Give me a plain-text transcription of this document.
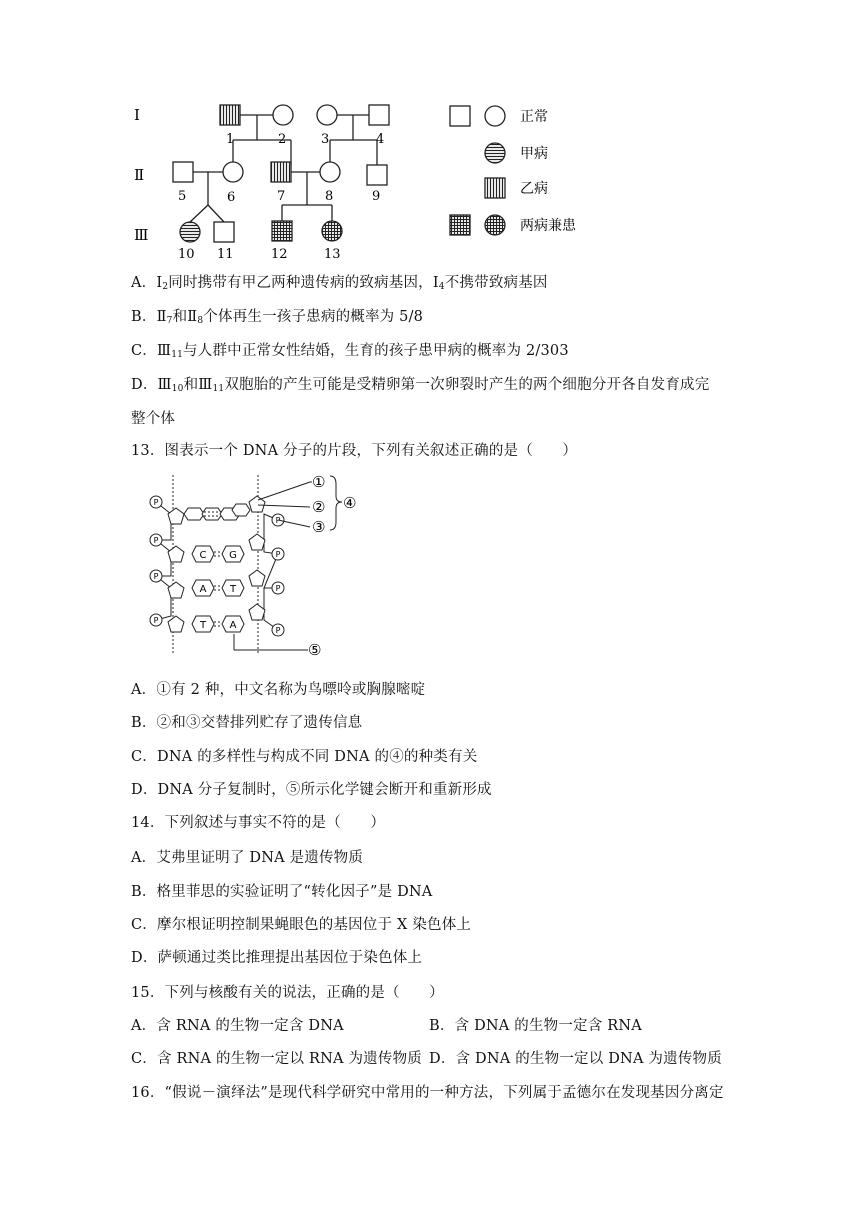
Ⅰ
Ⅱ
Ⅲ
1	2	3	4
5	6	7	8	9
10 11	12	13
正常
甲病
乙病
两病兼患
A．$Ⅰ_2$同时携带有甲乙两种遗传病的致病基因，$Ⅰ_4$不携带致病基因
B．$Ⅱ_7$和$Ⅱ_8$个体再生一孩子患病的概率为 5/8
C．$Ⅲ_{11}$与人群中正常女性结婚，生育的孩子患甲病的概率为 2/303
D．$Ⅲ_{10}$和$Ⅲ_{11}$双胞胎的产生可能是受精卵第一次卵裂时产生的两个细胞分开各自发育成完
整个体
13．图表示一个 DNA 分子的片段，下列有关叙述正确的是（　　）
P
P
P
P
P
P
P
P
C G
A T
T A
①
②
③
④
⑤
A．①有 2 种，中文名称为鸟嘌呤或胸腺嘧啶
B．②和③交替排列贮存了遗传信息
C．DNA 的多样性与构成不同 DNA 的④的种类有关
D．DNA 分子复制时，⑤所示化学键会断开和重新形成
14．下列叙述与事实不符的是（　　）
A．艾弗里证明了 DNA 是遗传物质
B．格里菲思的实验证明了“转化因子”是 DNA
C．摩尔根证明控制果蝇眼色的基因位于 X 染色体上
D．萨顿通过类比推理提出基因位于染色体上
15．下列与核酸有关的说法，正确的是（　　）
A．含 RNA 的生物一定含 DNA	B．含 DNA 的生物一定含 RNA
C．含 RNA 的生物一定以 RNA 为遗传物质 D．含 DNA 的生物一定以 DNA 为遗传物质
16．“假说－演绎法”是现代科学研究中常用的一种方法，下列属于孟德尔在发现基因分离定
